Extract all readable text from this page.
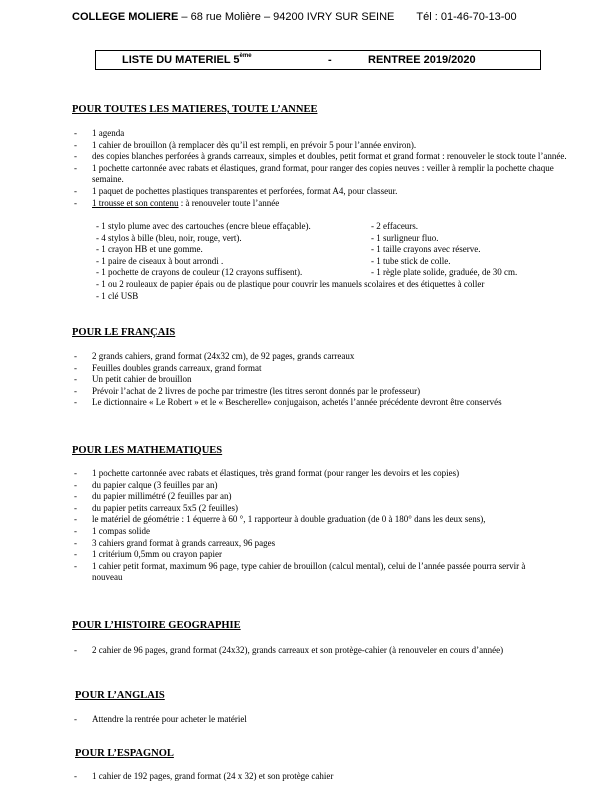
COLLEGE MOLIERE – 68 rue Molière – 94200 IVRY SUR SEINE Tél : 01-46-70-13-00
LISTE DU MATERIEL 5ème	-	RENTREE 2019/2020
POUR TOUTES LES MATIERES, TOUTE L’ANNEE
- 1 agenda
- 1 cahier de brouillon (à remplacer dès qu’il est rempli, en prévoir 5 pour l’année environ).
- des copies blanches perforées à grands carreaux, simples et doubles, petit format et grand format : renouveler le stock toute l’année.
- 1 pochette cartonnée avec rabats et élastiques, grand format, pour ranger des copies neuves : veiller à remplir la pochette chaque semaine.
- 1 paquet de pochettes plastiques transparentes et perforées, format A4, pour classeur.
- 1 trousse et son contenu : à renouveler toute l’année
- 1 stylo plume avec des cartouches (encre bleue effaçable).	- 2 effaceurs.
- 4 stylos à bille (bleu, noir, rouge, vert).	- 1 surligneur fluo.
- 1 crayon HB et une gomme.	- 1 taille crayons avec réserve.
- 1 paire de ciseaux à bout arrondi .	- 1 tube stick de colle.
- 1 pochette de crayons de couleur (12 crayons suffisent).	- 1 règle plate solide, graduée, de 30 cm.
- 1 ou 2 rouleaux de papier épais ou de plastique pour couvrir les manuels scolaires et des étiquettes à coller
- 1 clé USB
POUR LE FRANÇAIS
- 2 grands cahiers, grand format (24x32 cm), de 92 pages, grands carreaux
- Feuilles doubles grands carreaux, grand format
- Un petit cahier de brouillon
- Prévoir l’achat de 2 livres de poche par trimestre (les titres seront donnés par le professeur)
- Le dictionnaire « Le Robert » et le « Bescherelle» conjugaison, achetés l’année précédente devront être conservés
POUR LES MATHEMATIQUES
- 1 pochette cartonnée avec rabats et élastiques, très grand format (pour ranger les devoirs et les copies)
- du papier calque (3 feuilles par an)
- du papier millimétré (2 feuilles par an)
- du papier petits carreaux 5x5 (2 feuilles)
- le matériel de géométrie : 1 équerre à 60 °, 1 rapporteur à double graduation (de 0 à 180° dans les deux sens),
- 1 compas solide
- 3 cahiers grand format à grands carreaux, 96 pages
- 1 critérium 0,5mm ou crayon papier
- 1 cahier petit format, maximum 96 page, type cahier de brouillon (calcul mental), celui de l’année passée pourra servir à nouveau
POUR L’HISTOIRE GEOGRAPHIE
- 2 cahier de 96 pages, grand format (24x32), grands carreaux et son protège-cahier (à renouveler en cours d’année)
POUR L’ANGLAIS
- Attendre la rentrée pour acheter le matériel
POUR L’ESPAGNOL
- 1 cahier de 192 pages, grand format (24 x 32) et son protège cahier
